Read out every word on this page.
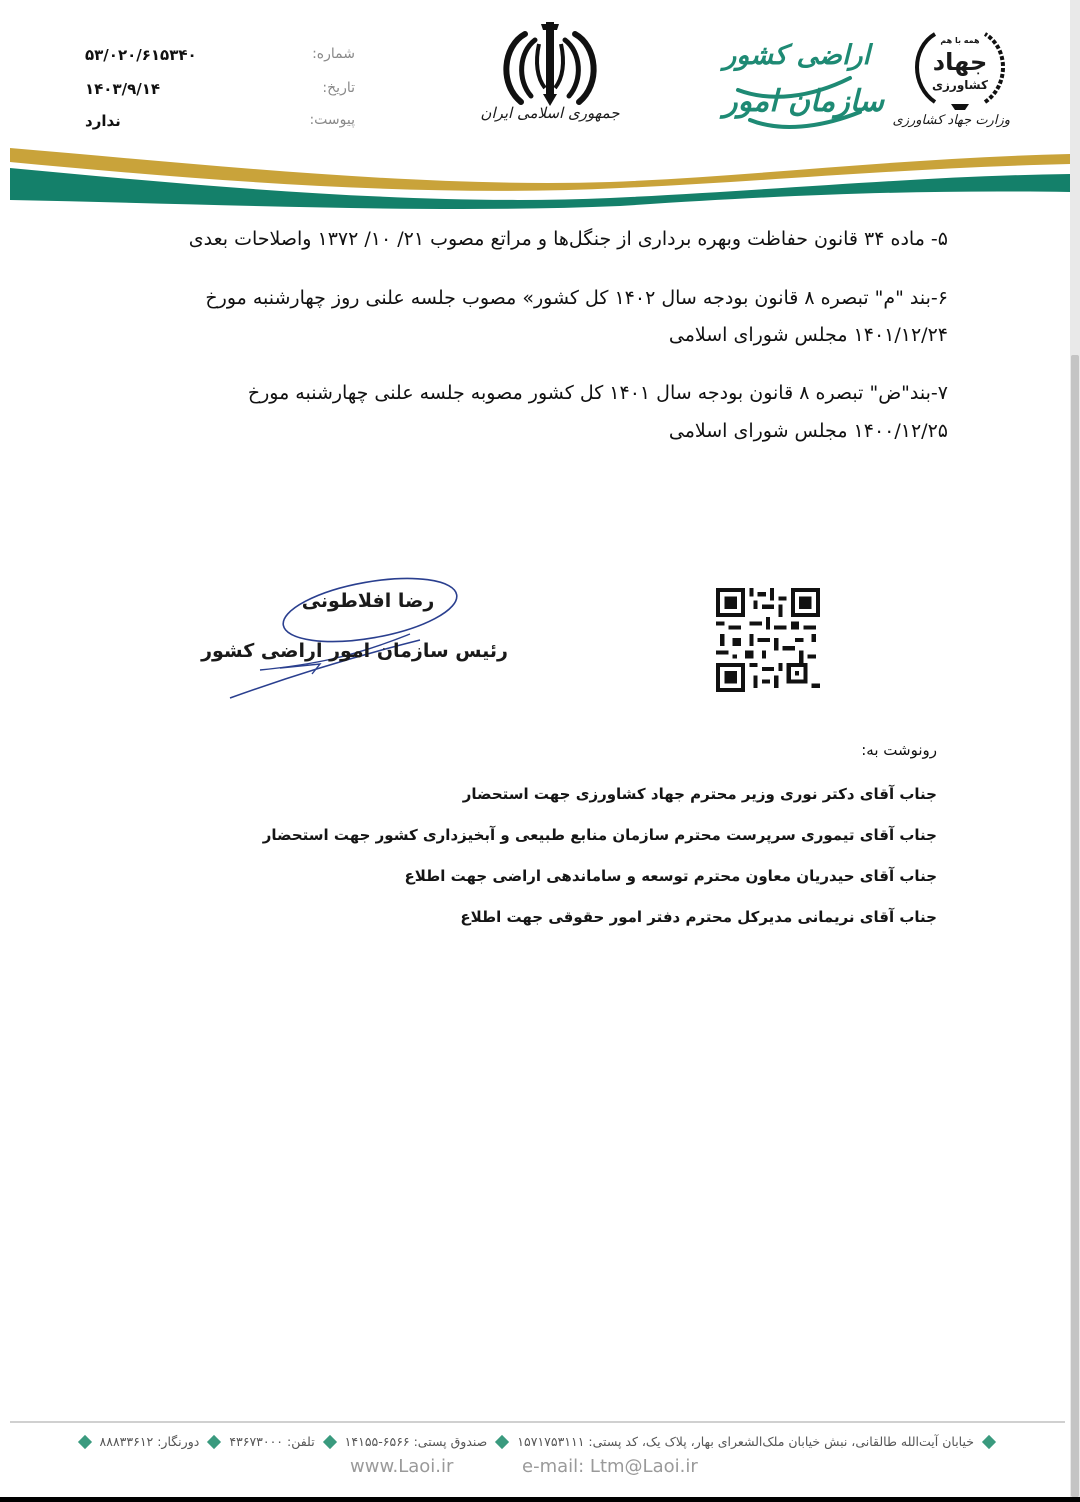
۵۳/۰۲۰/۶۱۵۳۴۰	شماره:
۱۴۰۳/۹/۱۴	تاریخ:
ندارد	پیوست:	جمهوری اسلامی ایران
اراضی کشور
سازمان امور
همه با هم
جهاد
کشاورزی
وزارت جهاد کشاورزی
۵- ماده ۳۴ قانون حفاظت وبهره برداری از جنگل‌ها و مراتع مصوب ۲۱/ ۱۰/ ۱۳۷۲ واصلاحات بعدی
۶-بند "م" تبصره ۸ قانون بودجه سال ۱۴۰۲ کل کشور» مصوب جلسه علنی روز چهارشنبه مورخ
۱۴۰۱/۱۲/۲۴ مجلس شورای اسلامی
۷-بند"ض" تبصره ۸ قانون بودجه سال ۱۴۰۱ کل کشور مصوبه جلسه علنی چهارشنبه مورخ
۱۴۰۰/۱۲/۲۵ مجلس شورای اسلامی
رضا افلاطونی
رئیس سازمان امور اراضی کشور
رونوشت به:
جناب آقای دکتر نوری وزیر محترم جهاد کشاورزی جهت استحضار
جناب آقای تیموری سرپرست محترم سازمان منابع طبیعی و آبخیزداری کشور جهت استحضار
جناب آقای حیدریان معاون محترم توسعه و ساماندهی اراضی جهت اطلاع
جناب آقای نریمانی مدیرکل محترم دفتر امور حقوقی جهت اطلاع
خیابان آیت‌الله طالقانی، نبش خیابان ملک‌الشعرای بهار، پلاک یک، کد پستی: ۱۵۷۱۷۵۳۱۱۱
صندوق پستی: ۶۵۶۶-۱۴۱۵۵
تلفن: ۴۳۶۷۳۰۰۰
دورنگار: ۸۸۸۳۳۶۱۲
www.Laoi.ir	e-mail: Ltm@Laoi.ir
